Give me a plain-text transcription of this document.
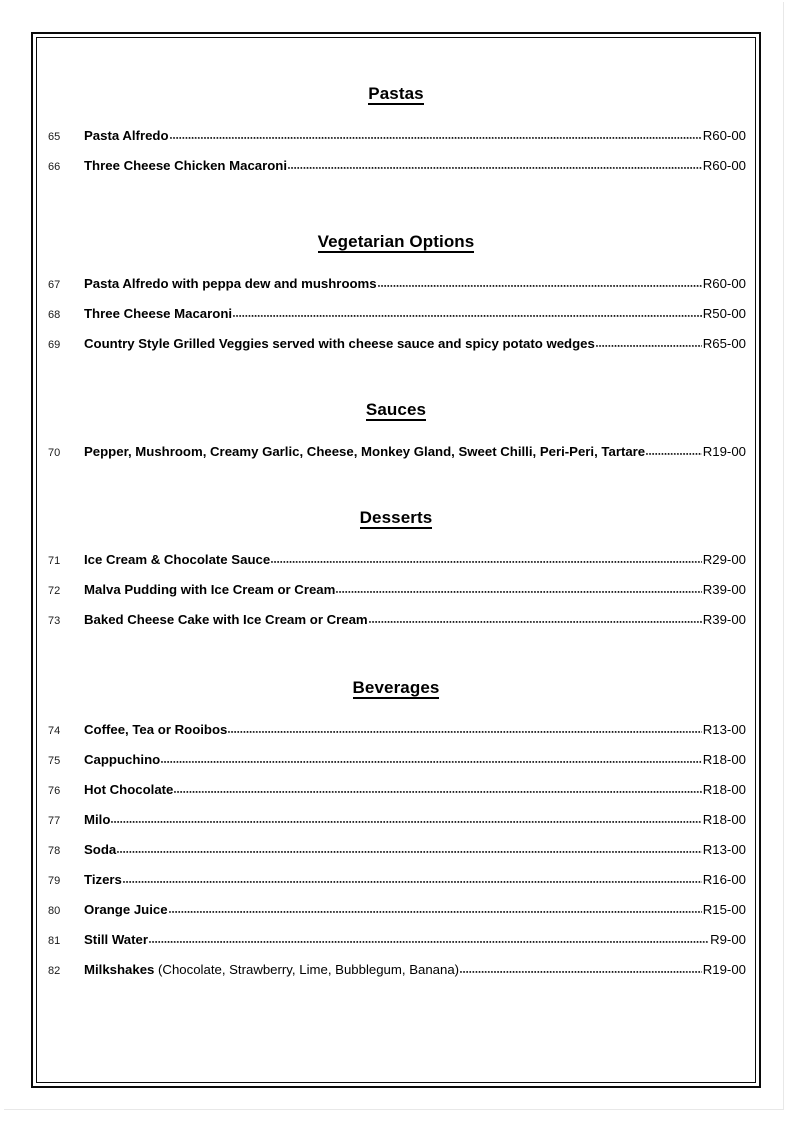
Pastas
65	Pasta Alfredo	R60-00
66	Three Cheese Chicken Macaroni	R60-00
Vegetarian Options
67	Pasta Alfredo with peppa dew and mushrooms	R60-00
68	Three Cheese Macaroni	R50-00
69	Country Style Grilled Veggies served with cheese sauce and spicy potato wedges	R65-00
Sauces
70	Pepper, Mushroom, Creamy Garlic, Cheese, Monkey Gland, Sweet Chilli, Peri-Peri, Tartare	R19-00
Desserts
71	Ice Cream & Chocolate Sauce	R29-00
72	Malva Pudding with Ice Cream or Cream	R39-00
73	Baked Cheese Cake with Ice Cream or Cream	R39-00
Beverages
74	Coffee, Tea or Rooibos	R13-00
75	Cappuchino	R18-00
76	Hot Chocolate	R18-00
77	Milo	R18-00
78	Soda	R13-00
79	Tizers	R16-00
80	Orange Juice	R15-00
81	Still Water	R9-00
82	Milkshakes (Chocolate, Strawberry, Lime, Bubblegum, Banana)	R19-00
